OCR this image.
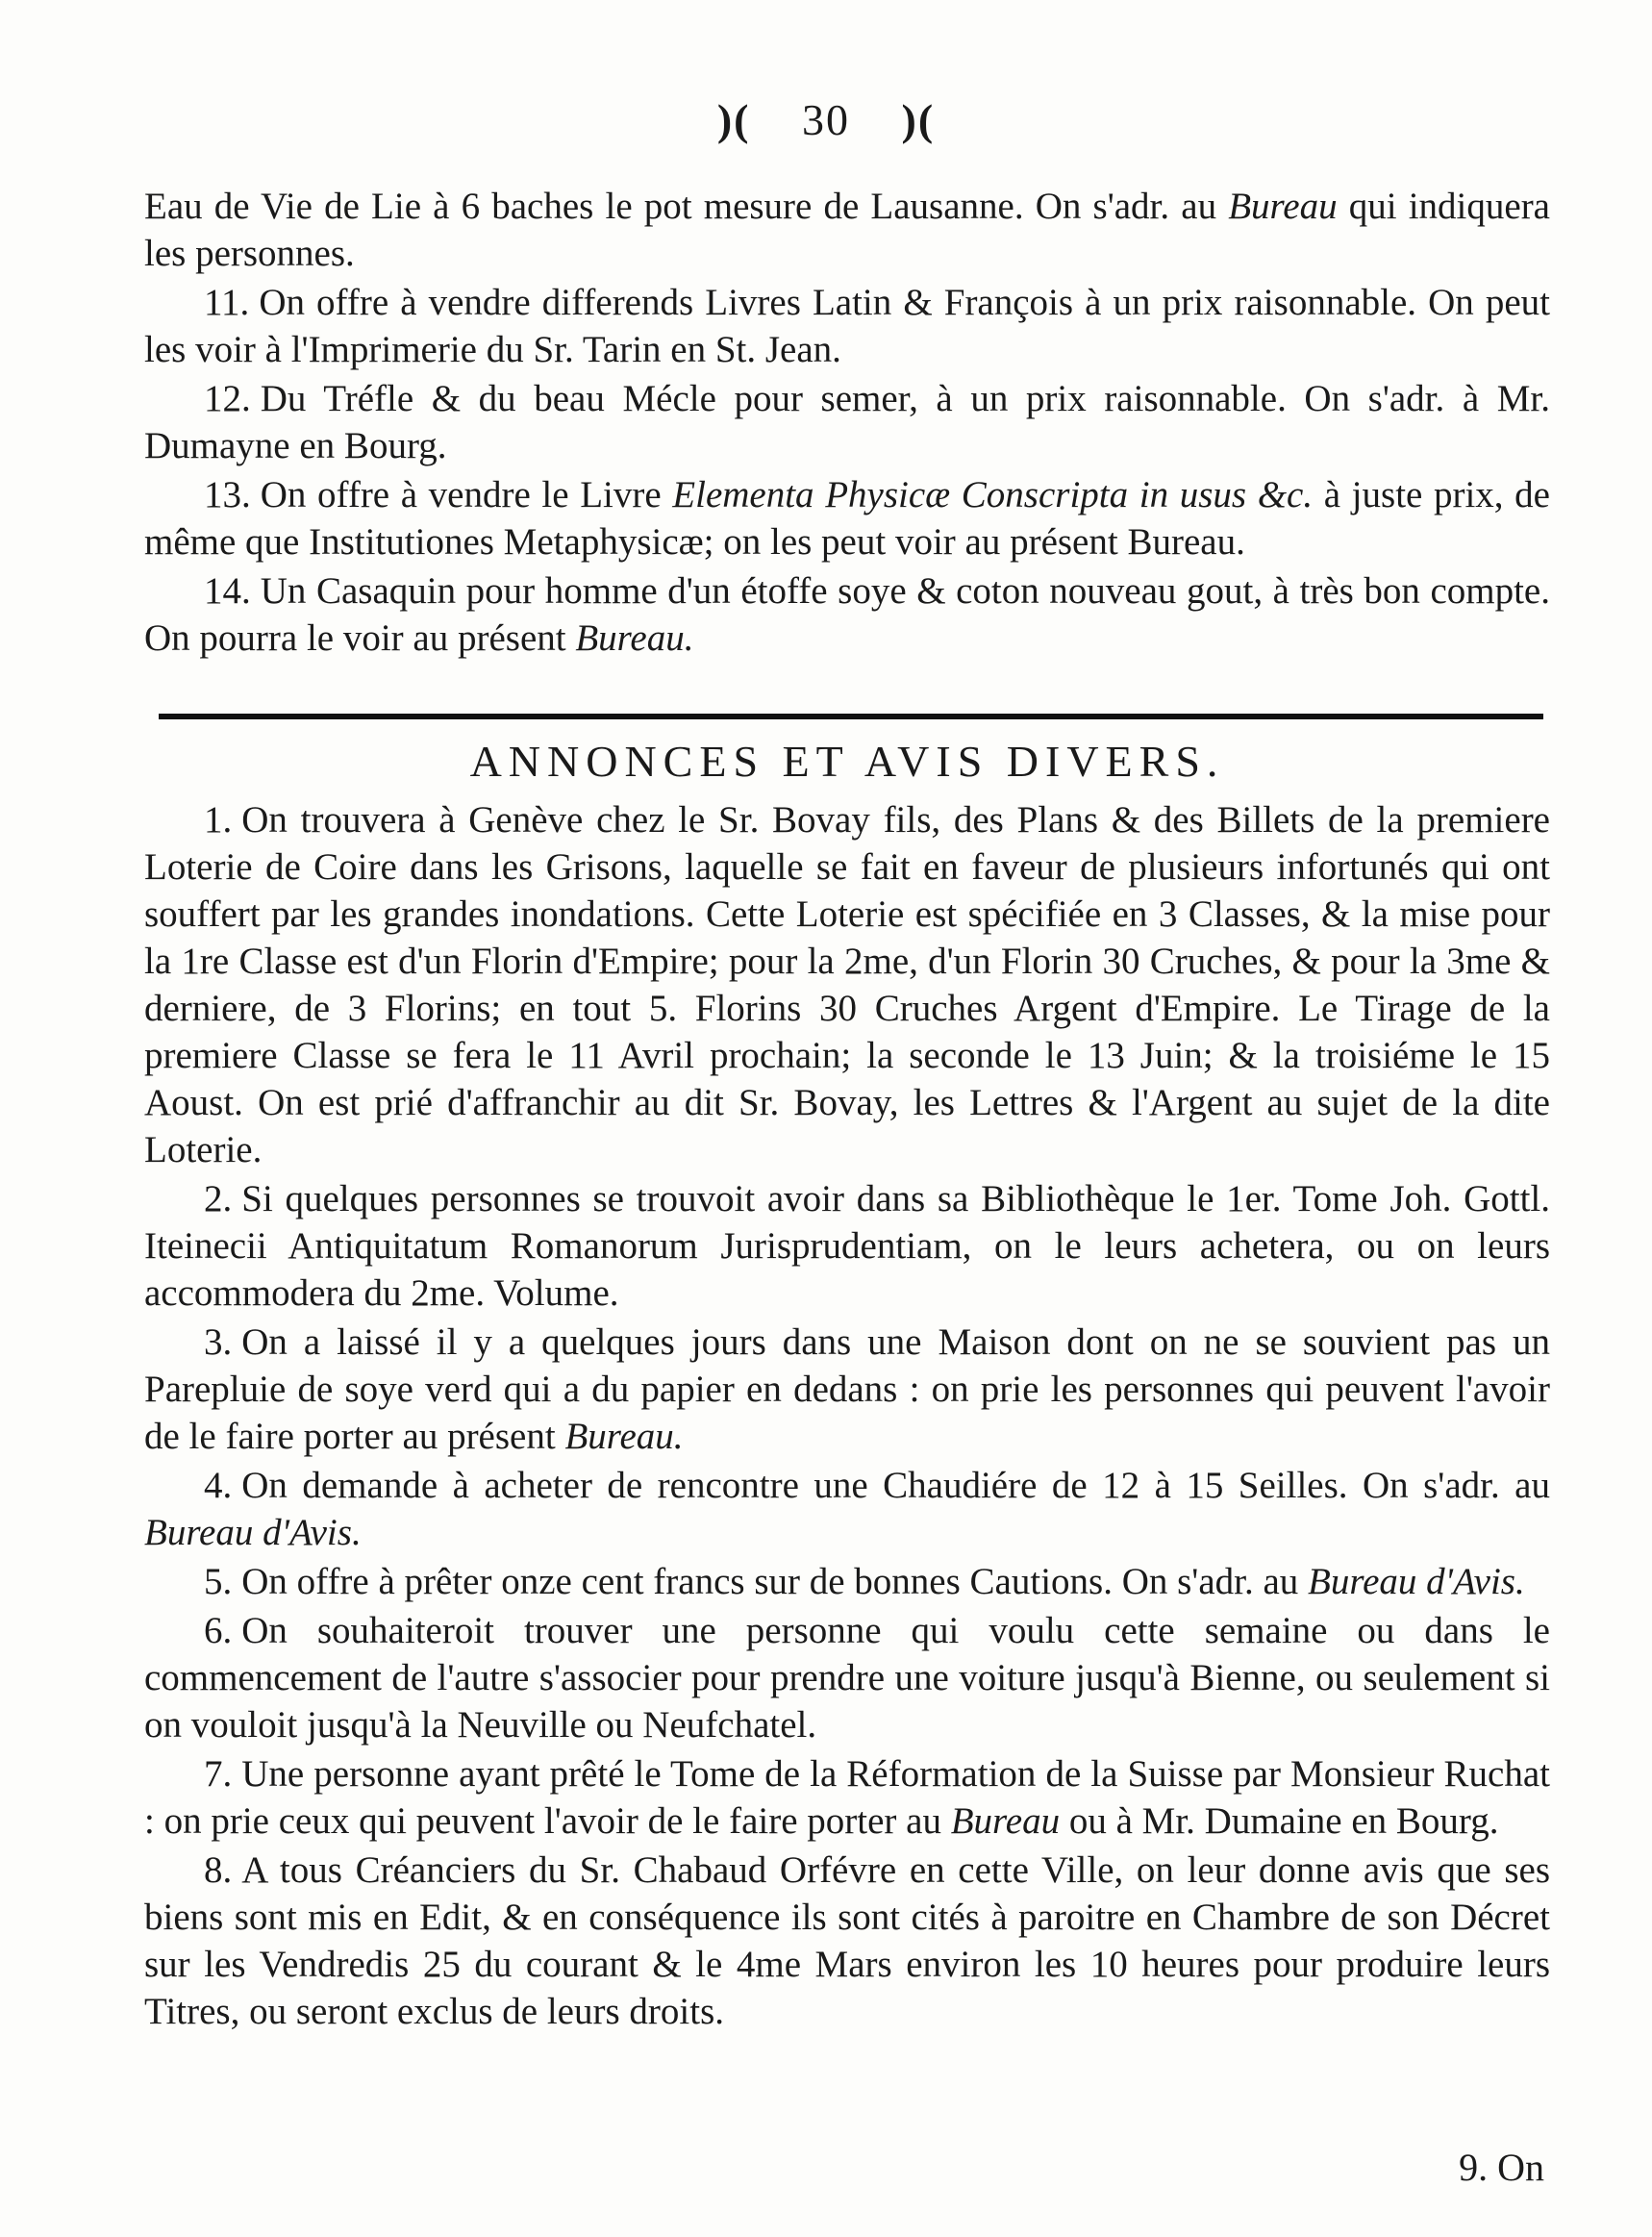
)( 30 )(

Eau de Vie de Lie à 6 baches le pot mesure de Lausanne. On s'adr. au Bureau qui indiquera les personnes.

11. On offre à vendre differends Livres Latin & François à un prix raisonnable. On peut les voir à l'Imprimerie du Sr. Tarin en St. Jean.

12. Du Tréfle & du beau Mécle pour semer, à un prix raisonnable. On s'adr. à Mr. Dumayne en Bourg.

13. On offre à vendre le Livre Elementa Physicæ Conscripta in usus &c. à juste prix, de même que Institutiones Metaphysicæ; on les peut voir au présent Bureau.

14. Un Casaquin pour homme d'un étoffe soye & coton nouveau gout, à très bon compte. On pourra le voir au présent Bureau.

ANNONCES ET AVIS DIVERS.

1. On trouvera à Genève chez le Sr. Bovay fils, des Plans & des Billets de la premiere Loterie de Coire dans les Grisons, laquelle se fait en faveur de plusieurs infortunés qui ont souffert par les grandes inondations. Cette Loterie est spécifiée en 3 Classes, & la mise pour la 1re Classe est d'un Florin d'Empire; pour la 2me, d'un Florin 30 Cruches, & pour la 3me & derniere, de 3 Florins; en tout 5. Florins 30 Cruches Argent d'Empire. Le Tirage de la premiere Classe se fera le 11 Avril prochain; la seconde le 13 Juin; & la troisiéme le 15 Aoust. On est prié d'affranchir au dit Sr. Bovay, les Lettres & l'Argent au sujet de la dite Loterie.

2. Si quelques personnes se trouvoit avoir dans sa Bibliothèque le 1er. Tome Joh. Gottl. Iteinecii Antiquitatum Romanorum Jurisprudentiam, on le leurs achetera, ou on leurs accommodera du 2me. Volume.

3. On a laissé il y a quelques jours dans une Maison dont on ne se souvient pas un Parepluie de soye verd qui a du papier en dedans : on prie les personnes qui peuvent l'avoir de le faire porter au présent Bureau.

4. On demande à acheter de rencontre une Chaudiére de 12 à 15 Seilles. On s'adr. au Bureau d'Avis.

5. On offre à prêter onze cent francs sur de bonnes Cautions. On s'adr. au Bureau d'Avis.

6. On souhaiteroit trouver une personne qui voulu cette semaine ou dans le commencement de l'autre s'associer pour prendre une voiture jusqu'à Bienne, ou seulement si on vouloit jusqu'à la Neuville ou Neufchatel.

7. Une personne ayant prêté le Tome de la Réformation de la Suisse par Monsieur Ruchat : on prie ceux qui peuvent l'avoir de le faire porter au Bureau ou à Mr. Dumaine en Bourg.

8. A tous Créanciers du Sr. Chabaud Orfévre en cette Ville, on leur donne avis que ses biens sont mis en Edit, & en conséquence ils sont cités à paroitre en Chambre de son Décret sur les Vendredis 25 du courant & le 4me Mars environ les 10 heures pour produire leurs Titres, ou seront exclus de leurs droits.

9. On
